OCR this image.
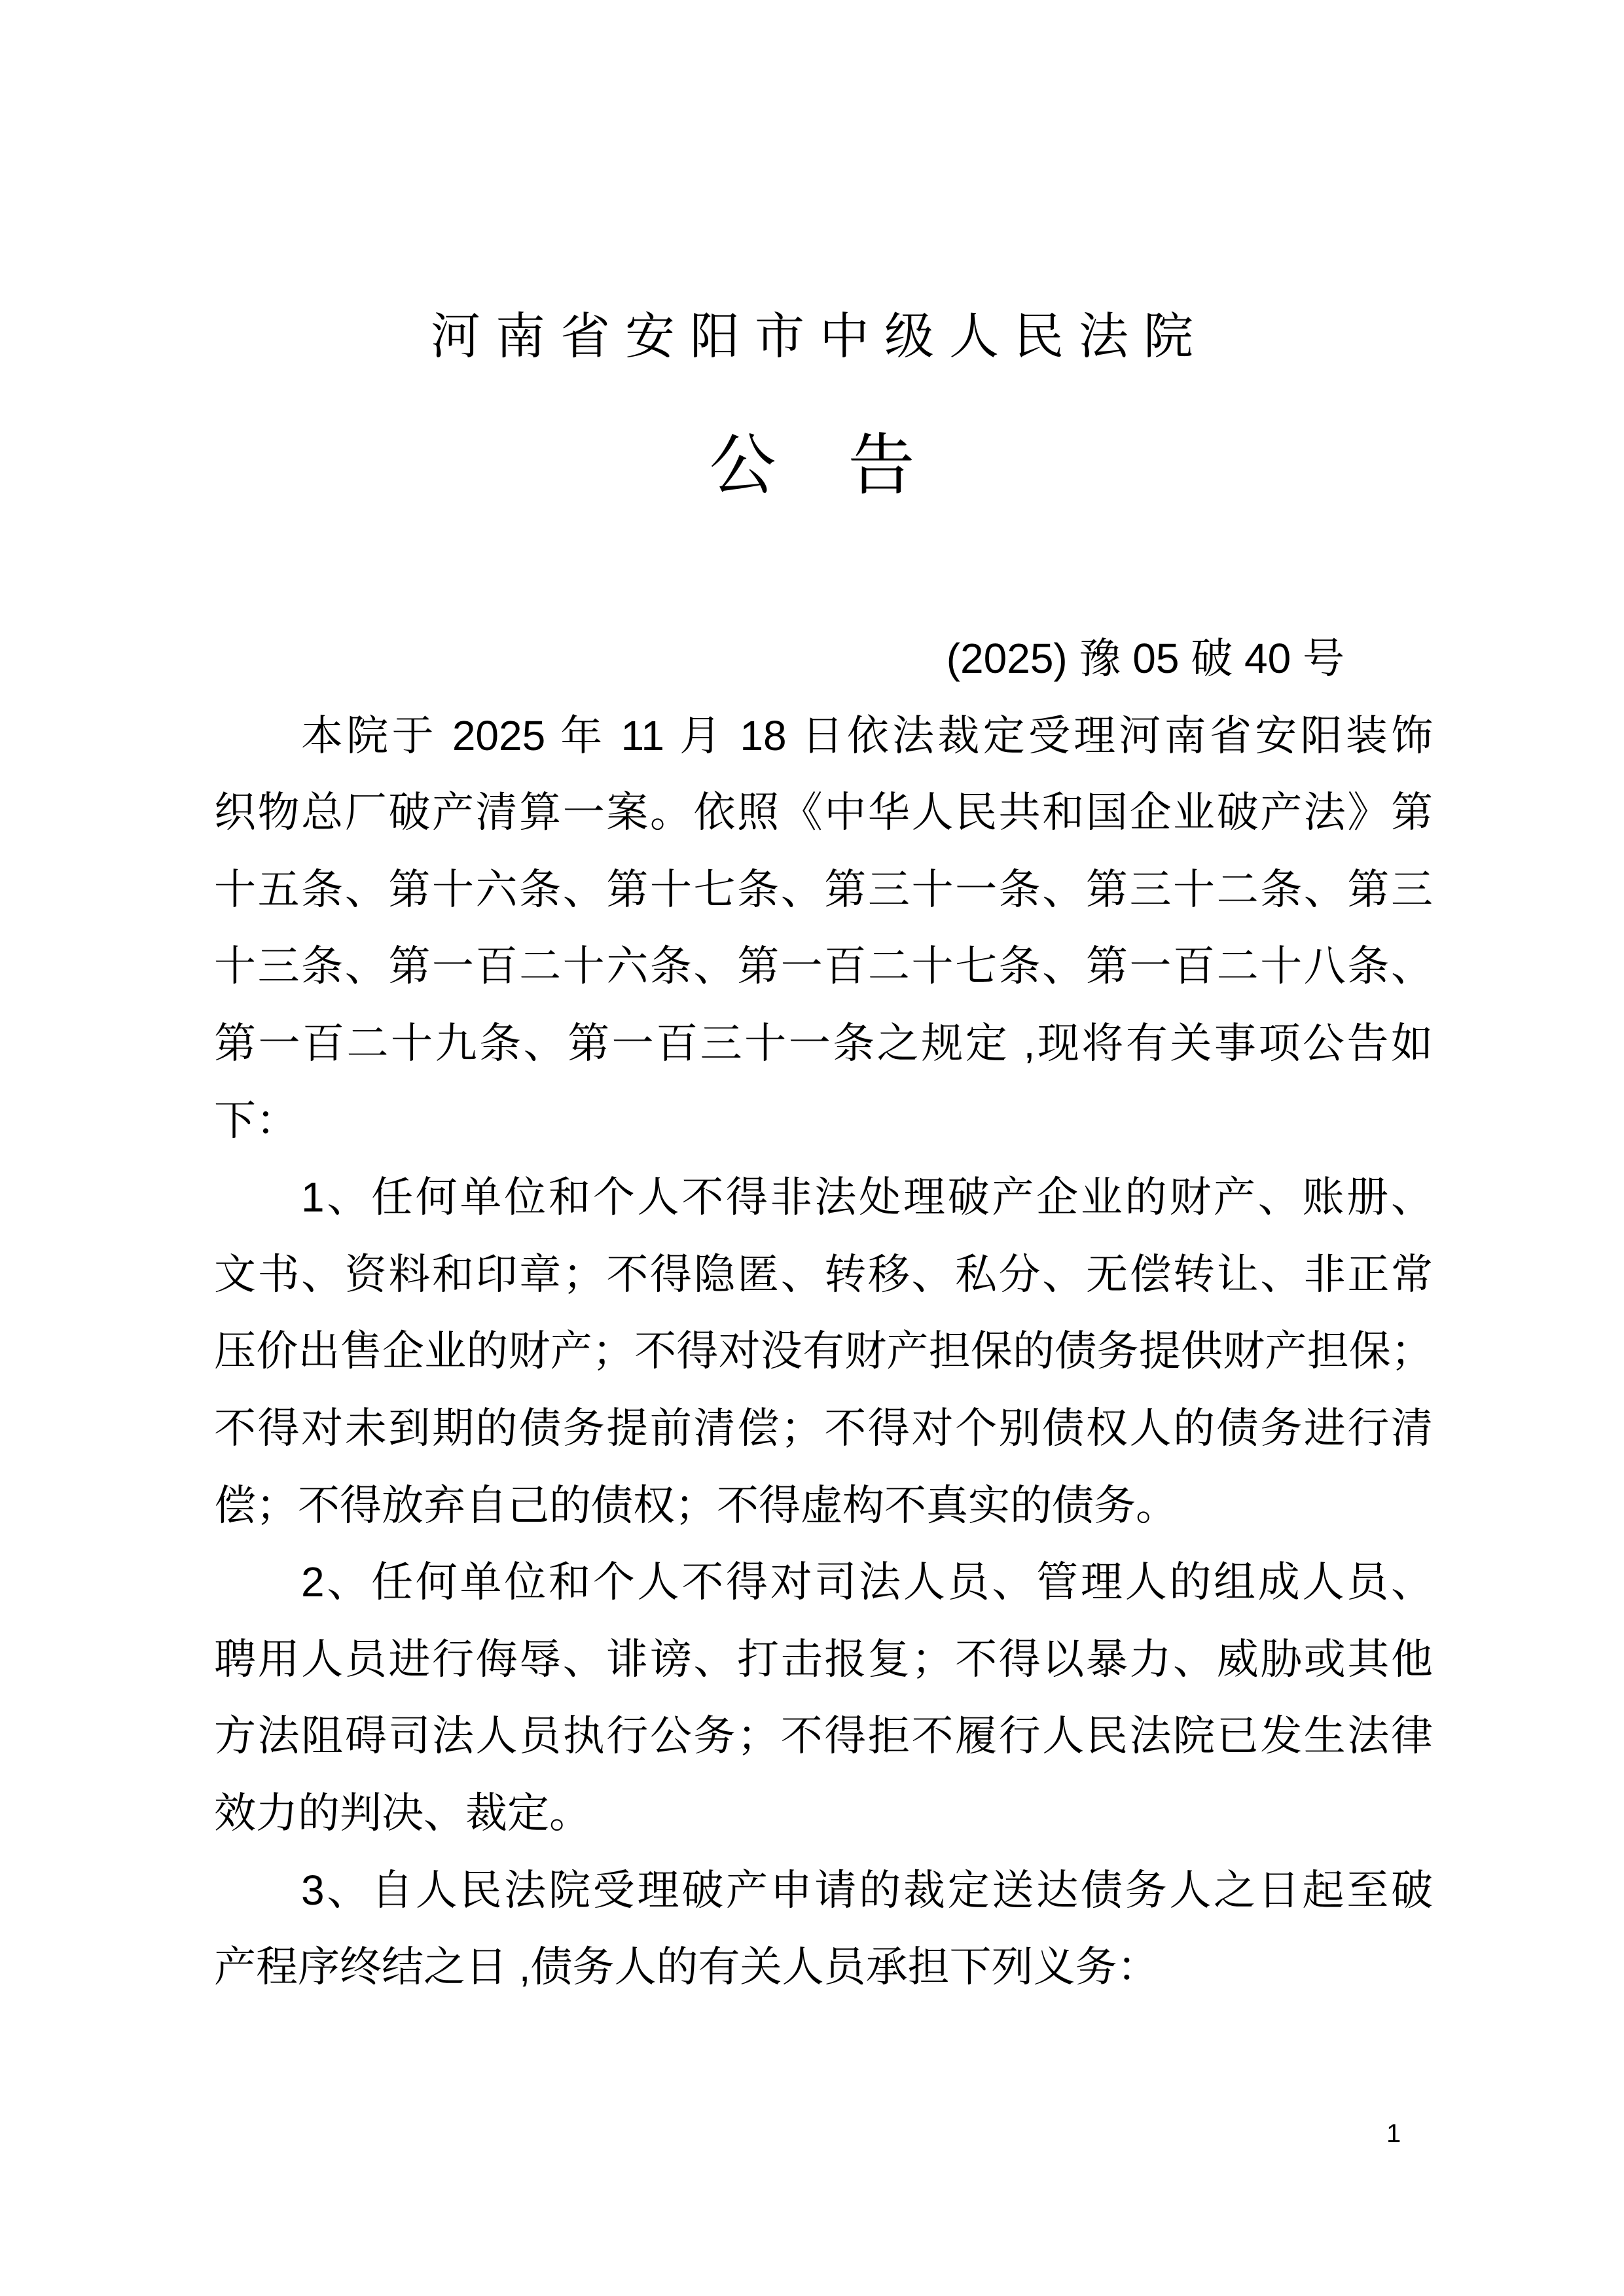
河南省安阳市中级人民法院
公告
(2025) 豫 05 破 40 号
本院于 2025 年 11 月 18 日依法裁定受理河南省安阳装饰
织物总厂破产清算一案。依照《中华人民共和国企业破产法》第
十五条、第十六条、第十七条、第三十一条、第三十二条、第三
十三条、第一百二十六条、第一百二十七条、第一百二十八条、
第一百二十九条、第一百三十一条之规定 ,现将有关事项公告如
下：
1、任何单位和个人不得非法处理破产企业的财产、账册、
文书、资料和印章；不得隐匿、转移、私分、无偿转让、非正常
压价出售企业的财产；不得对没有财产担保的债务提供财产担保；
不得对未到期的债务提前清偿；不得对个别债权人的债务进行清
偿；不得放弃自己的债权；不得虚构不真实的债务。
2、任何单位和个人不得对司法人员、管理人的组成人员、
聘用人员进行侮辱、诽谤、打击报复；不得以暴力、威胁或其他
方法阻碍司法人员执行公务；不得拒不履行人民法院已发生法律
效力的判决、裁定。
3、自人民法院受理破产申请的裁定送达债务人之日起至破
产程序终结之日 ,债务人的有关人员承担下列义务：
1
